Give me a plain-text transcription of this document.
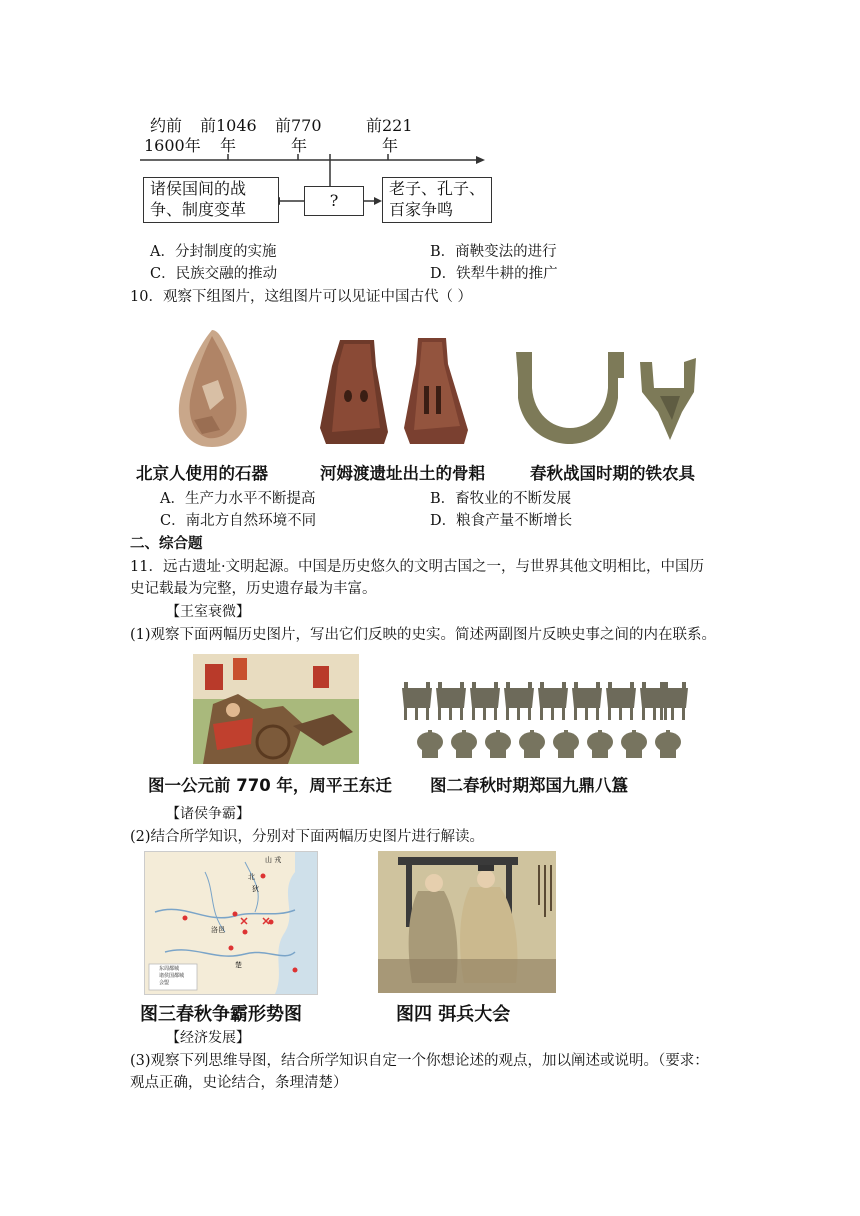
约前
1600年
前1046
年
前770
年
前221
年
诸侯国间的战
争、制度变革	?
老子、孔子、
百家争鸣
A．分封制度的实施	B．商鞅变法的进行
C．民族交融的推动	D．铁犁牛耕的推广
10．观察下组图片，这组图片可以见证中国古代（ ）
北京人使用的石器	河姆渡遗址出土的骨耜	春秋战国时期的铁农具
A．生产力水平不断提高	B．畜牧业的不断发展
C．南北方自然环境不同	D．粮食产量不断增长
二、综合题
11．远古遗址·文明起源。中国是历史悠久的文明古国之一，与世界其他文明相比，中国历
史记载最为完整，历史遗存最为丰富。
【王室衰微】
(1)观察下面两幅历史图片，写出它们反映的史实。简述两副图片反映史事之间的内在联系。
图一公元前 770 年，周平王东迁 图二春秋时期郑国九鼎八簋
【诸侯争霸】
(2)结合所学知识，分别对下面两幅历史图片进行解读。
山 戎
北
狄
洛邑
楚
东周都城
诸侯国都城
会盟
图三春秋争霸形势图	图四 弭兵大会
【经济发展】
(3)观察下列思维导图，结合所学知识自定一个你想论述的观点，加以阐述或说明。（要求：
观点正确，史论结合，条理清楚）
